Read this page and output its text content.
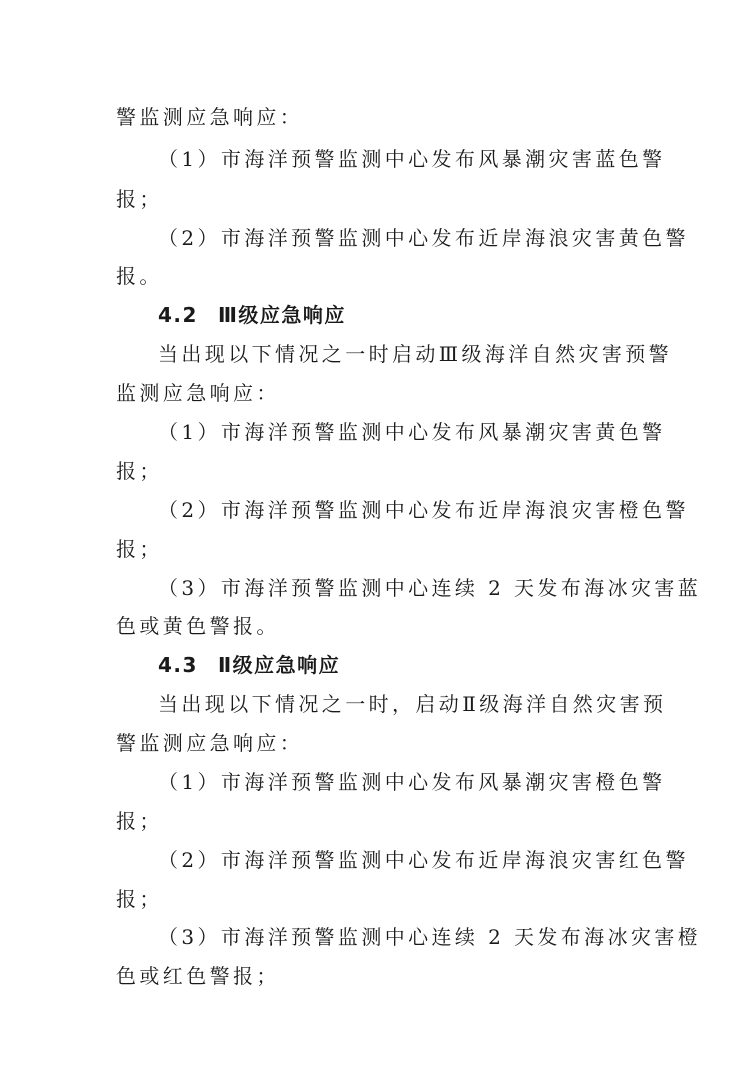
警监测应急响应：
（1）市海洋预警监测中心发布风暴潮灾害蓝色警
报；
（2）市海洋预警监测中心发布近岸海浪灾害黄色警
报。
4.2 Ⅲ级应急响应
当出现以下情况之一时启动Ⅲ级海洋自然灾害预警
监测应急响应：
（1）市海洋预警监测中心发布风暴潮灾害黄色警
报；
（2）市海洋预警监测中心发布近岸海浪灾害橙色警
报；
（3）市海洋预警监测中心连续 2 天发布海冰灾害蓝
色或黄色警报。
4.3 Ⅱ级应急响应
当出现以下情况之一时，启动Ⅱ级海洋自然灾害预
警监测应急响应：
（1）市海洋预警监测中心发布风暴潮灾害橙色警
报；
（2）市海洋预警监测中心发布近岸海浪灾害红色警
报；
（3）市海洋预警监测中心连续 2 天发布海冰灾害橙
色或红色警报；
